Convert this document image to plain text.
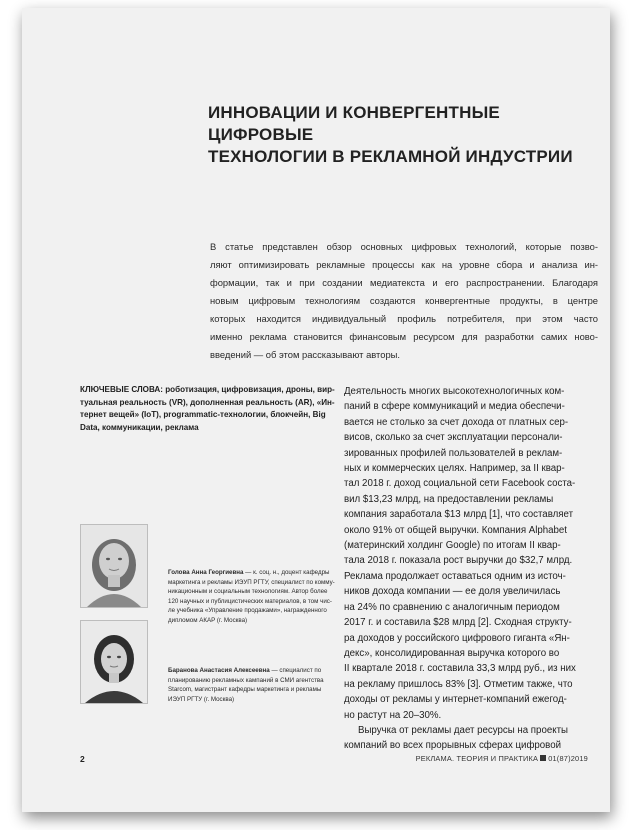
ИННОВАЦИИ И КОНВЕРГЕНТНЫЕ ЦИФРОВЫЕ
ТЕХНОЛОГИИ В РЕКЛАМНОЙ ИНДУСТРИИ
В статье представлен обзор основных цифровых технологий, которые позво-
ляют оптимизировать рекламные процессы как на уровне сбора и анализа ин-
формации, так и при создании медиатекста и его распространении. Благодаря
новым цифровым технологиям создаются конвергентные продукты, в центре
которых находится индивидуальный профиль потребителя, при этом часто
именно реклама становится финансовым ресурсом для разработки самих ново-
введений — об этом рассказывают авторы.
КЛЮЧЕВЫЕ СЛОВА: роботизация, цифровизация, дроны, вир-
туальная реальность (VR), дополненная реальность (AR), «Ин-
тернет вещей» (IoT), programmatic-технологии, блокчейн, Big
Data, коммуникации, реклама
Голова Анна Георгиевна — к. соц. н., доцент кафедры
маркетинга и рекламы ИЭУП РГТУ, специалист по комму-
никационным и социальным технологиям. Автор более
120 научных и публицистических материалов, в том чис-
ле учебника «Управление продажами», награжденного
дипломом АКАР (г. Москва)
Баранова Анастасия Алексеевна — специалист по
планированию рекламных кампаний в СМИ агентства
Starcom, магистрант кафедры маркетинга и рекламы
ИЭУП РГТУ (г. Москва)
Деятельность многих высокотехнологичных ком-
паний в сфере коммуникаций и медиа обеспечи-
вается не столько за счет дохода от платных сер-
висов, сколько за счет эксплуатации персонали-
зированных профилей пользователей в реклам-
ных и коммерческих целях. Например, за II квар-
тал 2018 г. доход социальной сети Facebook соста-
вил $13,23 млрд, на предоставлении рекламы
компания заработала $13 млрд [1], что составляет
около 91% от общей выручки. Компания Alphabet
(материнский холдинг Google) по итогам II квар-
тала 2018 г. показала рост выручки до $32,7 млрд.
Реклама продолжает оставаться одним из источ-
ников дохода компании — ее доля увеличилась
на 24% по сравнению с аналогичным периодом
2017 г. и составила $28 млрд [2]. Сходная структу-
ра доходов у российского цифрового гиганта «Ян-
декс», консолидированная выручка которого во
II квартале 2018 г. составила 33,3 млрд руб., из них
на рекламу пришлось 83% [3]. Отметим также, что
доходы от рекламы у интернет-компаний ежегод-
но растут на 20–30%.
Выручка от рекламы дает ресурсы на проекты
компаний во всех прорывных сферах цифровой
2	РЕКЛАМА. ТЕОРИЯ И ПРАКТИКА 01(87)2019
